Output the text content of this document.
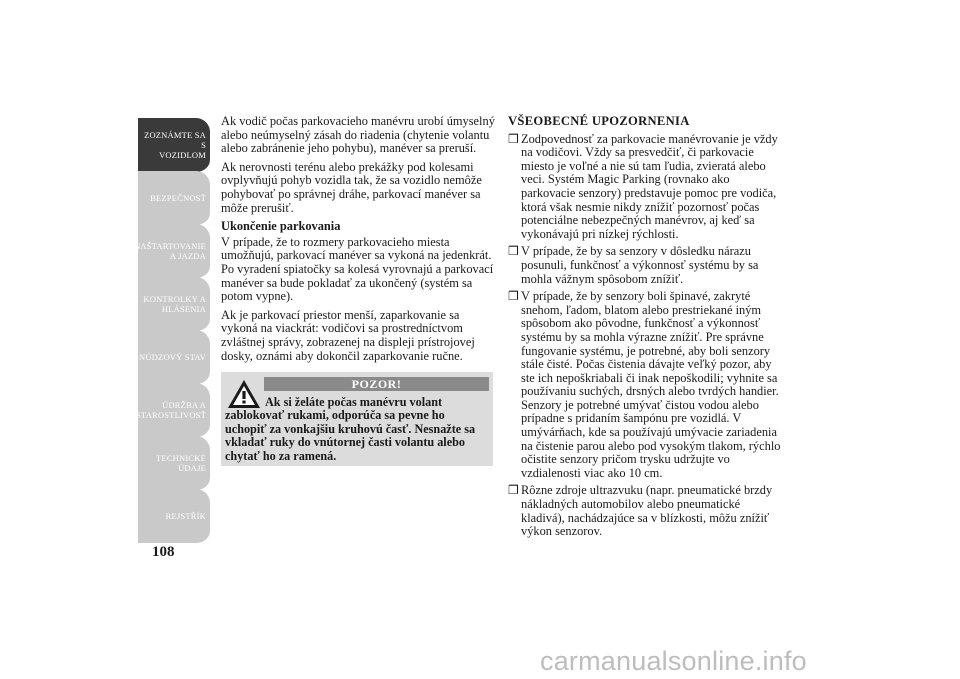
ZOZNÁMTE SA S
VOZIDLOM
BEZPEČNOSŤ
NAŠTARTOVANIE
A JAZDA
KONTROLKY A
HLÁSENIA
NÚDZOVÝ STAV
ÚDRŽBA A
STAROSTLIVOSŤ
TECHNICKÉ
ÚDAJE
REJSTŘÍK
108

Ak vodič počas parkovacieho manévru urobí úmyselný alebo neúmyselný zásah do riadenia (chytenie volantu alebo zabránenie jeho pohybu), manéver sa preruší.

Ak nerovnosti terénu alebo prekážky pod kolesami ovplyvňujú pohyb vozidla tak, že sa vozidlo nemôže pohybovať po správnej dráhe, parkovací manéver sa môže prerušiť.

Ukončenie parkovania

V prípade, že to rozmery parkovacieho miesta umožňujú, parkovací manéver sa vykoná na jedenkrát. Po vyradení spiatočky sa kolesá vyrovnajú a parkovací manéver sa bude pokladať za ukončený (systém sa potom vypne).

Ak je parkovací priestor menší, zaparkovanie sa vykoná na viackrát: vodičovi sa prostredníctvom zvláštnej správy, zobrazenej na displeji prístrojovej dosky, oznámi aby dokončil zaparkovanie ručne.

POZOR!
Ak si želáte počas manévru volant zablokovať rukami, odporúča sa pevne ho uchopiť za vonkajšiu kruhovú časť. Nesnažte sa vkladať ruky do vnútornej časti volantu alebo chytať ho za ramená.
VŠEOBECNÉ UPOZORNENIA
❒ Zodpovednosť za parkovacie manévrovanie je vždy na vodičovi. Vždy sa presvedčiť, či parkovacie miesto je voľné a nie sú tam ľudia, zvieratá alebo veci. Systém Magic Parking (rovnako ako parkovacie senzory) predstavuje pomoc pre vodiča, ktorá však nesmie nikdy znížiť pozornosť počas potenciálne nebezpečných manévrov, aj keď sa vykonávajú pri nízkej rýchlosti.
❒ V prípade, že by sa senzory v dôsledku nárazu posunuli, funkčnosť a výkonnosť systému by sa mohla vážnym spôsobom znížiť.
❒ V prípade, že by senzory boli špinavé, zakryté snehom, ľadom, blatom alebo prestriekané iným spôsobom ako pôvodne, funkčnosť a výkonnosť systému by sa mohla výrazne znížiť. Pre správne fungovanie systému, je potrebné, aby boli senzory stále čisté. Počas čistenia dávajte veľký pozor, aby ste ich nepoškriabali či inak nepoškodili; vyhnite sa používaniu suchých, drsných alebo tvrdých handier. Senzory je potrebné umývať čistou vodou alebo prípadne s pridaním šampónu pre vozidlá. V umývárňach, kde sa používajú umývacie zariadenia na čistenie parou alebo pod vysokým tlakom, rýchlo očistite senzory pričom trysku udržujte vo vzdialenosti viac ako 10 cm.
❒ Rôzne zdroje ultrazvuku (napr. pneumatické brzdy nákladných automobilov alebo pneumatické kladivá), nachádzajúce sa v blízkosti, môžu znížiť výkon senzorov.
carmanualsonline.info
